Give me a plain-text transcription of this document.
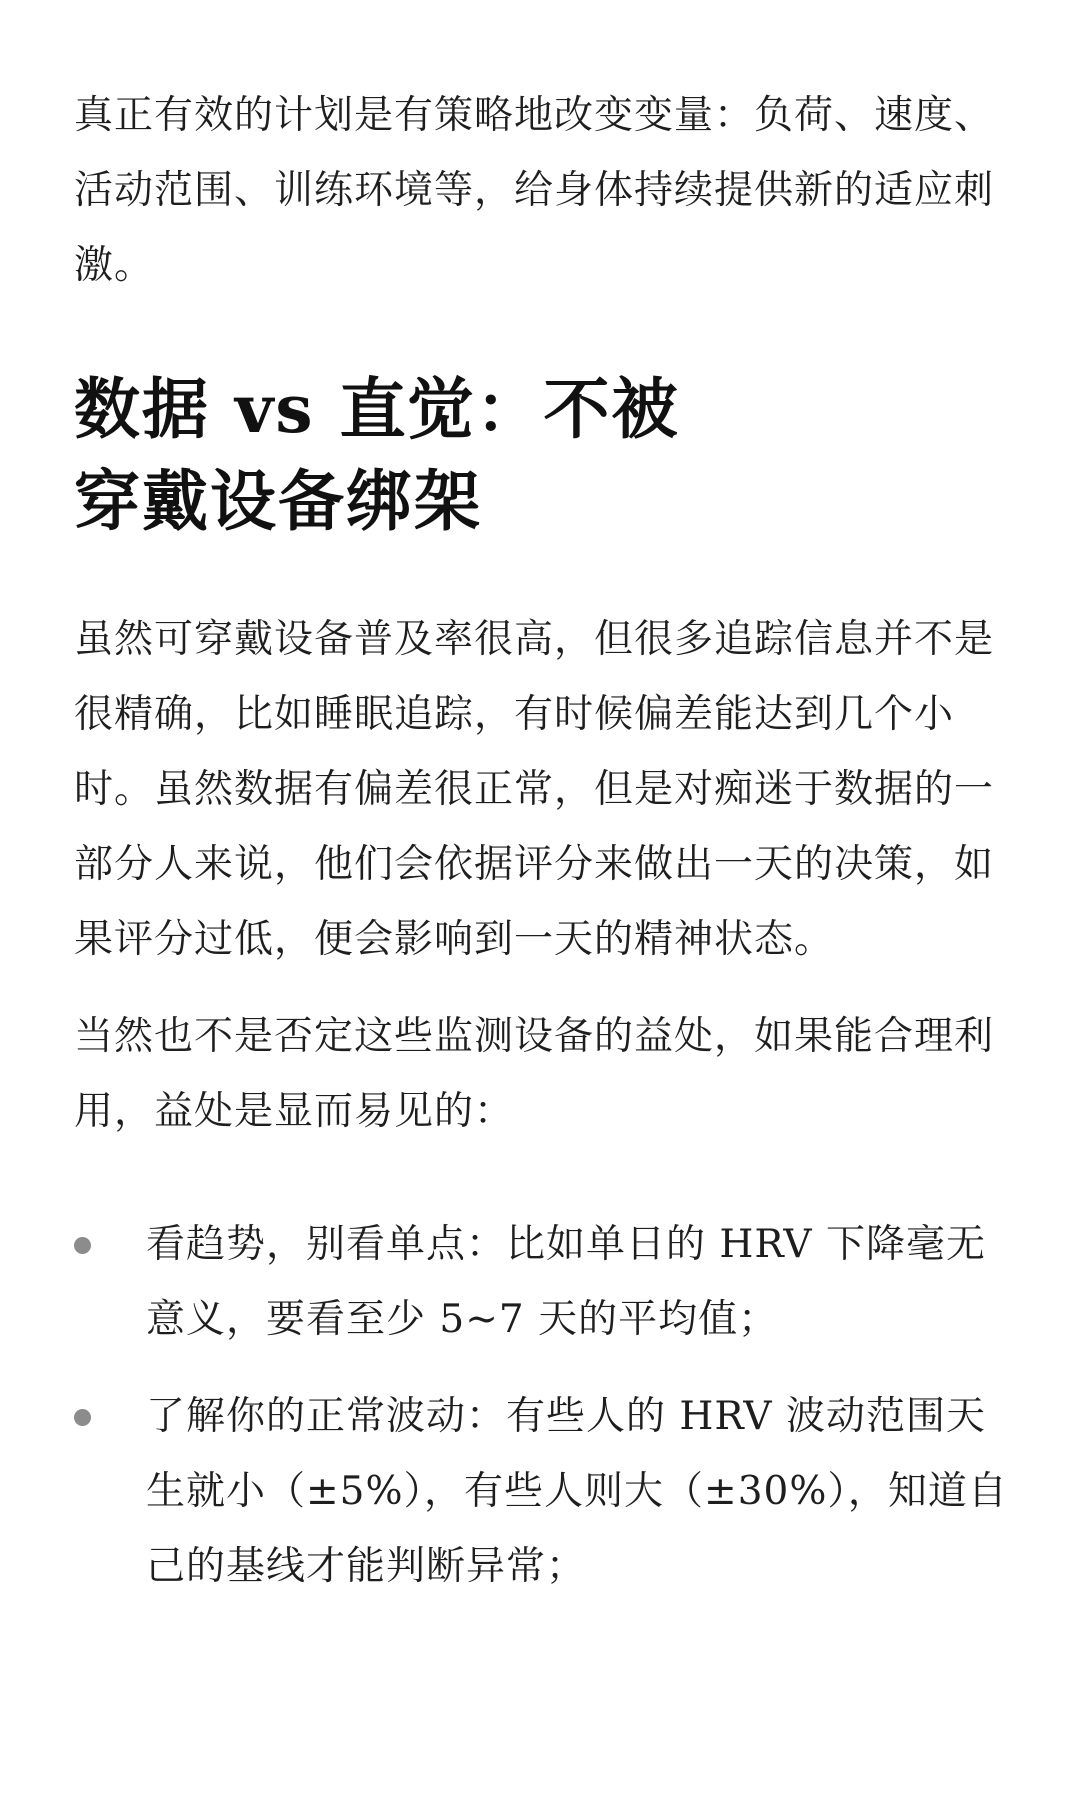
真正有效的计划是有策略地改变变量：负荷、速度、活动范围、训练环境等，给身体持续提供新的适应刺激。

数据 vs 直觉：不被穿戴设备绑架

虽然可穿戴设备普及率很高，但很多追踪信息并不是很精确，比如睡眠追踪，有时候偏差能达到几个小时。虽然数据有偏差很正常，但是对痴迷于数据的一部分人来说，他们会依据评分来做出一天的决策，如果评分过低，便会影响到一天的精神状态。

当然也不是否定这些监测设备的益处，如果能合理利用，益处是显而易见的：

看趋势，别看单点：比如单日的 HRV 下降毫无意义，要看至少 5~7 天的平均值；
了解你的正常波动：有些人的 HRV 波动范围天生就小（±5%），有些人则大（±30%），知道自己的基线才能判断异常；
